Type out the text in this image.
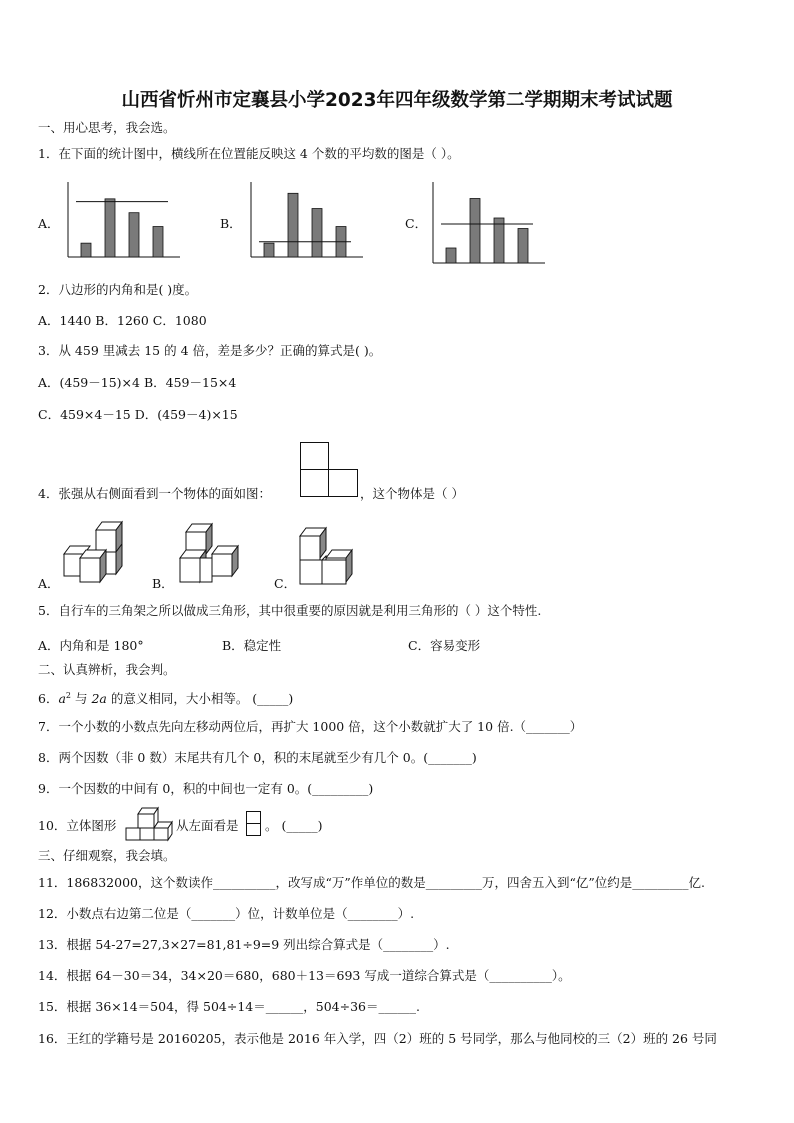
山西省忻州市定襄县小学2023年四年级数学第二学期期末考试试题
一、用心思考，我会选。
1．在下面的统计图中，横线所在位置能反映这 4 个数的平均数的图是（ ）。
A．	B．	C．
2．八边形的内角和是( )度。
A．1440 B．1260 C．1080
3．从 459 里减去 15 的 4 倍，差是多少？正确的算式是( )。
A．(459－15)×4 B．459－15×4
C．459×4－15 D．(459－4)×15
4．张强从右侧面看到一个物体的面如图：	，这个物体是（ ）
A．	B．	C．
5．自行车的三角架之所以做成三角形，其中很重要的原因就是利用三角形的（ ）这个特性.
A．内角和是 180°	B．稳定性	C．容易变形
二、认真辨析，我会判。
6．$a^2$ 与 2a 的意义相同，大小相等。 (_____)
7．一个小数的小数点先向左移动两位后，再扩大 1000 倍，这个小数就扩大了 10 倍.（_______）
8．两个因数（非 0 数）末尾共有几个 0，积的末尾就至少有几个 0。(_______)
9．一个因数的中间有 0，积的中间也一定有 0。(_________)
10．立体图形	从左面看是 。 (_____)
三、仔细观察，我会填。
11．186832000，这个数读作__________，改写成“万”作单位的数是_________万，四舍五入到“亿”位约是_________亿.
12．小数点右边第二位是（_______）位，计数单位是（________）.
13．根据 54-27=27,3×27=81,81÷9=9 列出综合算式是（________）.
14．根据 64－30＝34，34×20＝680，680＋13＝693 写成一道综合算式是（__________）。
15．根据 36×14＝504，得 504÷14＝______，504÷36＝______.
16．王红的学籍号是 20160205，表示他是 2016 年入学，四（2）班的 5 号同学，那么与他同校的三（2）班的 26 号同
